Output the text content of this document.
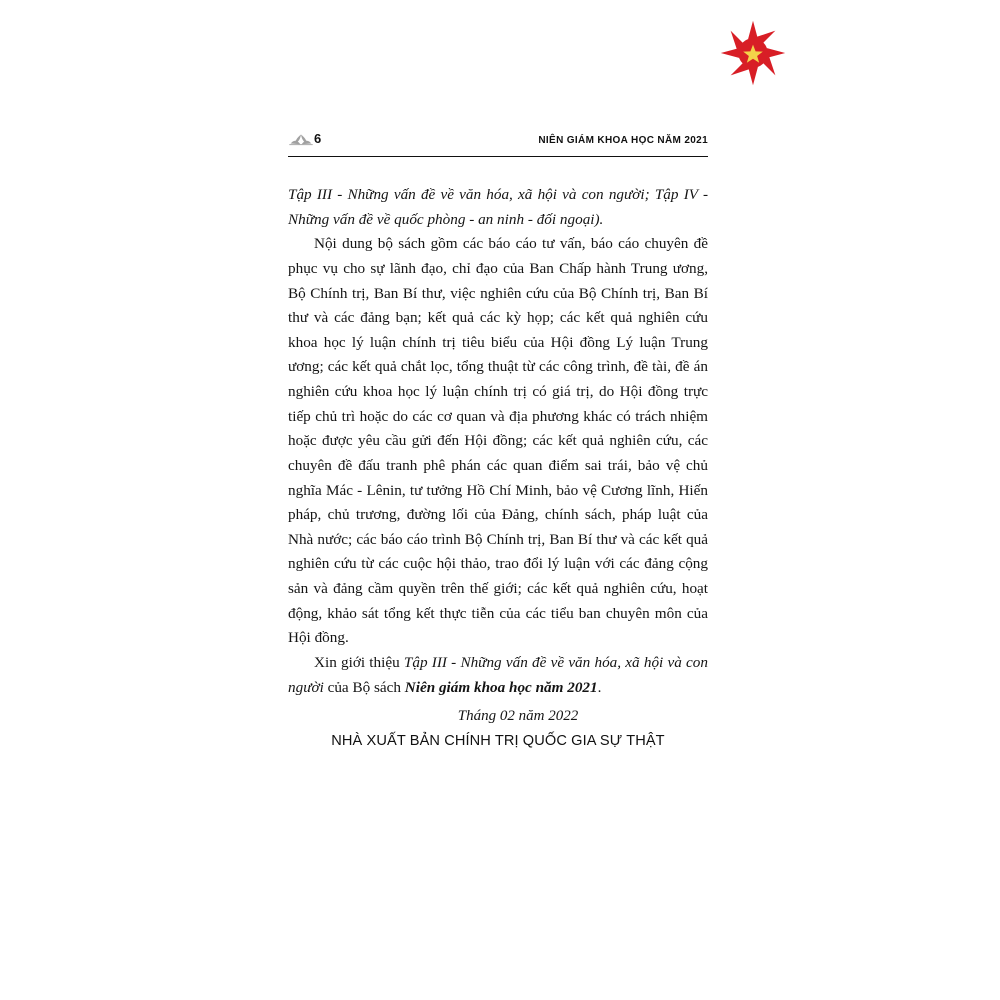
6	NIÊN GIÁM KHOA HỌC NĂM 2021

Tập III - Những vấn đề về văn hóa, xã hội và con người; Tập IV - Những vấn đề về quốc phòng - an ninh - đối ngoại).

Nội dung bộ sách gồm các báo cáo tư vấn, báo cáo chuyên đề phục vụ cho sự lãnh đạo, chỉ đạo của Ban Chấp hành Trung ương, Bộ Chính trị, Ban Bí thư, việc nghiên cứu của Bộ Chính trị, Ban Bí thư và các đảng bạn; kết quả các kỳ họp; các kết quả nghiên cứu khoa học lý luận chính trị tiêu biểu của Hội đồng Lý luận Trung ương; các kết quả chắt lọc, tổng thuật từ các công trình, đề tài, đề án nghiên cứu khoa học lý luận chính trị có giá trị, do Hội đồng trực tiếp chủ trì hoặc do các cơ quan và địa phương khác có trách nhiệm hoặc được yêu cầu gửi đến Hội đồng; các kết quả nghiên cứu, các chuyên đề đấu tranh phê phán các quan điểm sai trái, bảo vệ chủ nghĩa Mác - Lênin, tư tưởng Hồ Chí Minh, bảo vệ Cương lĩnh, Hiến pháp, chủ trương, đường lối của Đảng, chính sách, pháp luật của Nhà nước; các báo cáo trình Bộ Chính trị, Ban Bí thư và các kết quả nghiên cứu từ các cuộc hội thảo, trao đổi lý luận với các đảng cộng sản và đảng cầm quyền trên thế giới; các kết quả nghiên cứu, hoạt động, khảo sát tổng kết thực tiễn của các tiểu ban chuyên môn của Hội đồng.

Xin giới thiệu Tập III - Những vấn đề về văn hóa, xã hội và con người của Bộ sách Niên giám khoa học năm 2021.

Tháng 02 năm 2022
NHÀ XUẤT BẢN CHÍNH TRỊ QUỐC GIA SỰ THẬT
